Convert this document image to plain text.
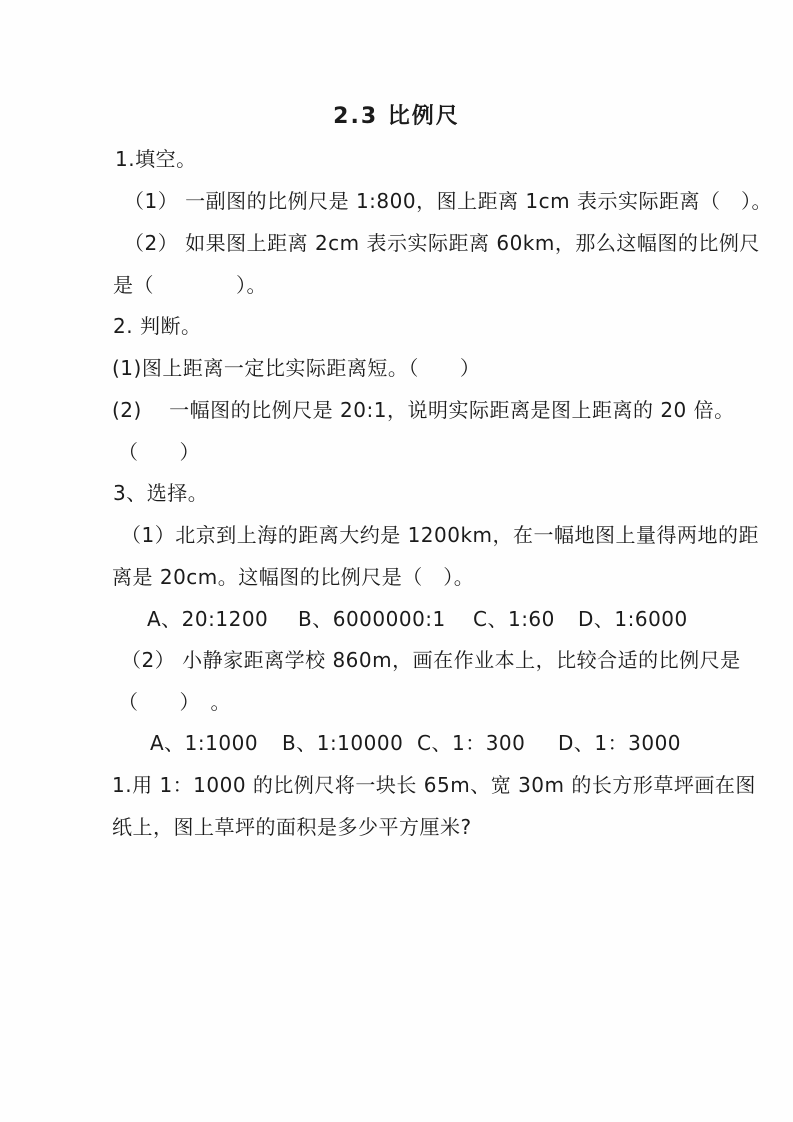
2.3 比例尺
1.填空。
（1） 一副图的比例尺是 1:800，图上距离 1cm 表示实际距离（　）。
（2） 如果图上距离 2cm 表示实际距离 60km，那么这幅图的比例尺
是（　　　　）。
2. 判断。
(1)图上距离一定比实际距离短。（　　）
(2)　 一幅图的比例尺是 20:1，说明实际距离是图上距离的 20 倍。
（　　）
3、选择。
（1）北京到上海的距离大约是 1200km，在一幅地图上量得两地的距
离是 20cm。这幅图的比例尺是（　）。

A、20:1200

B、6000000:1

C、1:60

D、1:6000

（2） 小静家距离学校 860m，画在作业本上，比较合适的比例尺是
（　　）　。

A、1:1000

B、1:10000

C、1：300

D、1：3000

1.用 1：1000 的比例尺将一块长 65m、宽 30m 的长方形草坪画在图
纸上，图上草坪的面积是多少平方厘米?
